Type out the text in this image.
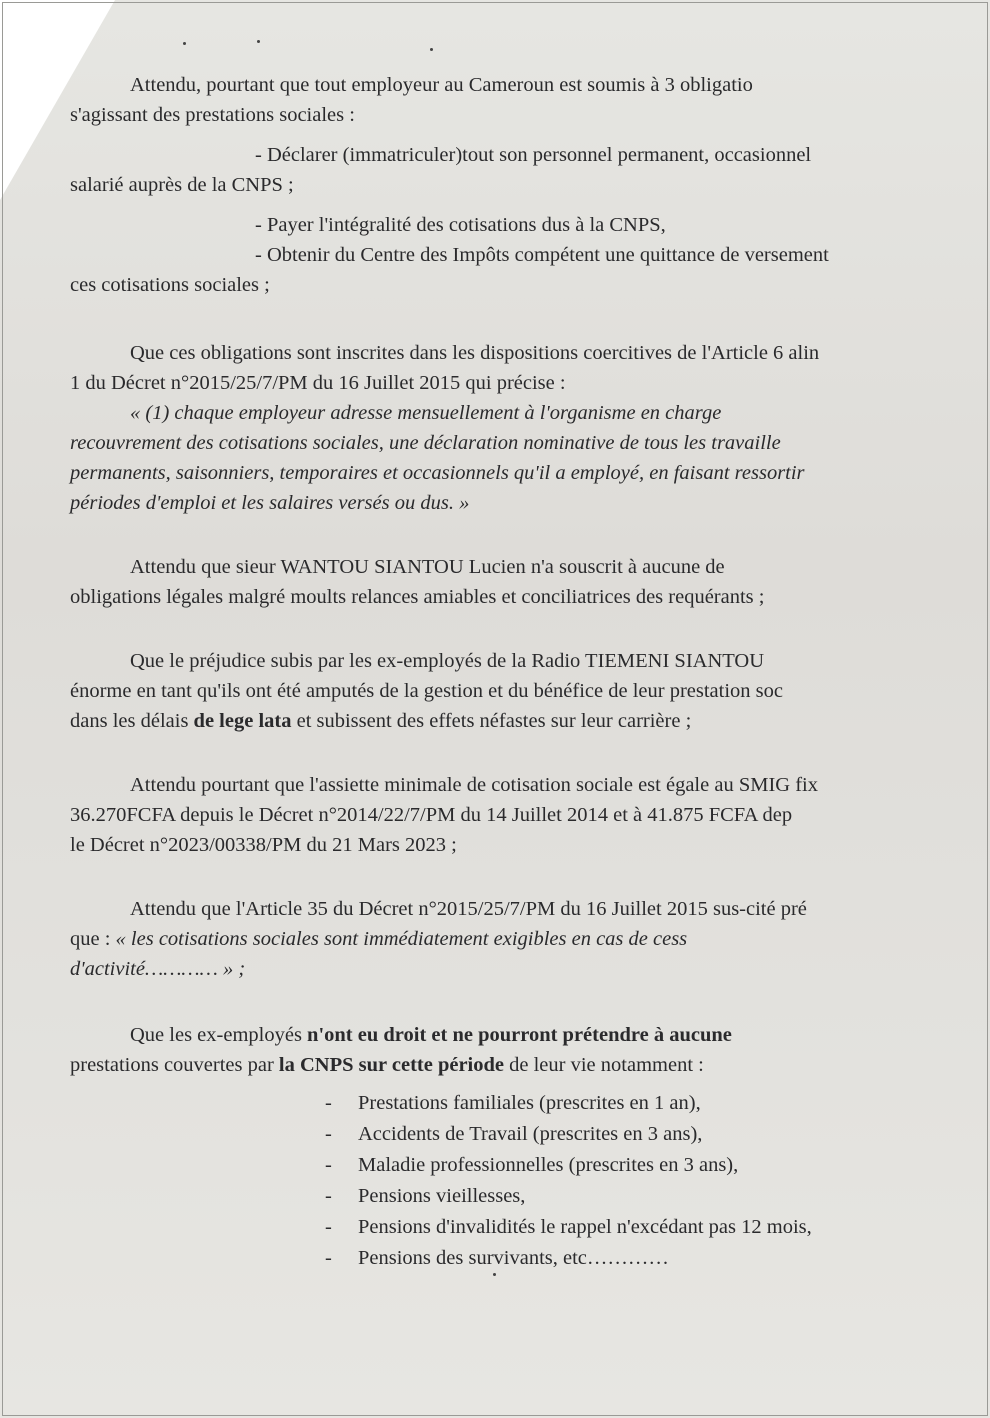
Attendu, pourtant que tout employeur au Cameroun est soumis à 3 obligatio
s'agissant des prestations sociales :
- Déclarer (immatriculer)tout son personnel permanent, occasionnel
salarié auprès de la CNPS ;
- Payer l'intégralité des cotisations dus à la CNPS,
- Obtenir du Centre des Impôts compétent une quittance de versement
ces cotisations sociales ;
Que ces obligations sont inscrites dans les dispositions coercitives de l'Article 6 alin
1 du Décret n°2015/25/7/PM du 16 Juillet 2015 qui précise :
« (1) chaque employeur adresse mensuellement à l'organisme en charge
recouvrement des cotisations sociales, une déclaration nominative de tous les travaille
permanents, saisonniers, temporaires et occasionnels qu'il a employé, en faisant ressortir
périodes d'emploi et les salaires versés ou dus. »
Attendu que sieur WANTOU SIANTOU Lucien n'a souscrit à aucune de
obligations légales malgré moults relances amiables et conciliatrices des requérants ;
Que le préjudice subis par les ex-employés de la Radio TIEMENI SIANTOU
énorme en tant qu'ils ont été amputés de la gestion et du bénéfice de leur prestation soc
dans les délais de lege lata et subissent des effets néfastes sur leur carrière ;
Attendu pourtant que l'assiette minimale de cotisation sociale est égale au SMIG fix
36.270FCFA depuis le Décret n°2014/22/7/PM du 14 Juillet 2014 et à 41.875 FCFA dep
le Décret n°2023/00338/PM du 21 Mars 2023 ;
Attendu que l'Article 35 du Décret n°2015/25/7/PM du 16 Juillet 2015 sus-cité pré
que : « les cotisations sociales sont immédiatement exigibles en cas de cess
d'activité………… » ;
Que les ex-employés n'ont eu droit et ne pourront prétendre à aucune
prestations couvertes par la CNPS sur cette période de leur vie notamment :
- Prestations familiales (prescrites en 1 an),
- Accidents de Travail (prescrites en 3 ans),
- Maladie professionnelles (prescrites en 3 ans),
- Pensions vieillesses,
- Pensions d'invalidités le rappel n'excédant pas 12 mois,
- Pensions des survivants, etc…………
